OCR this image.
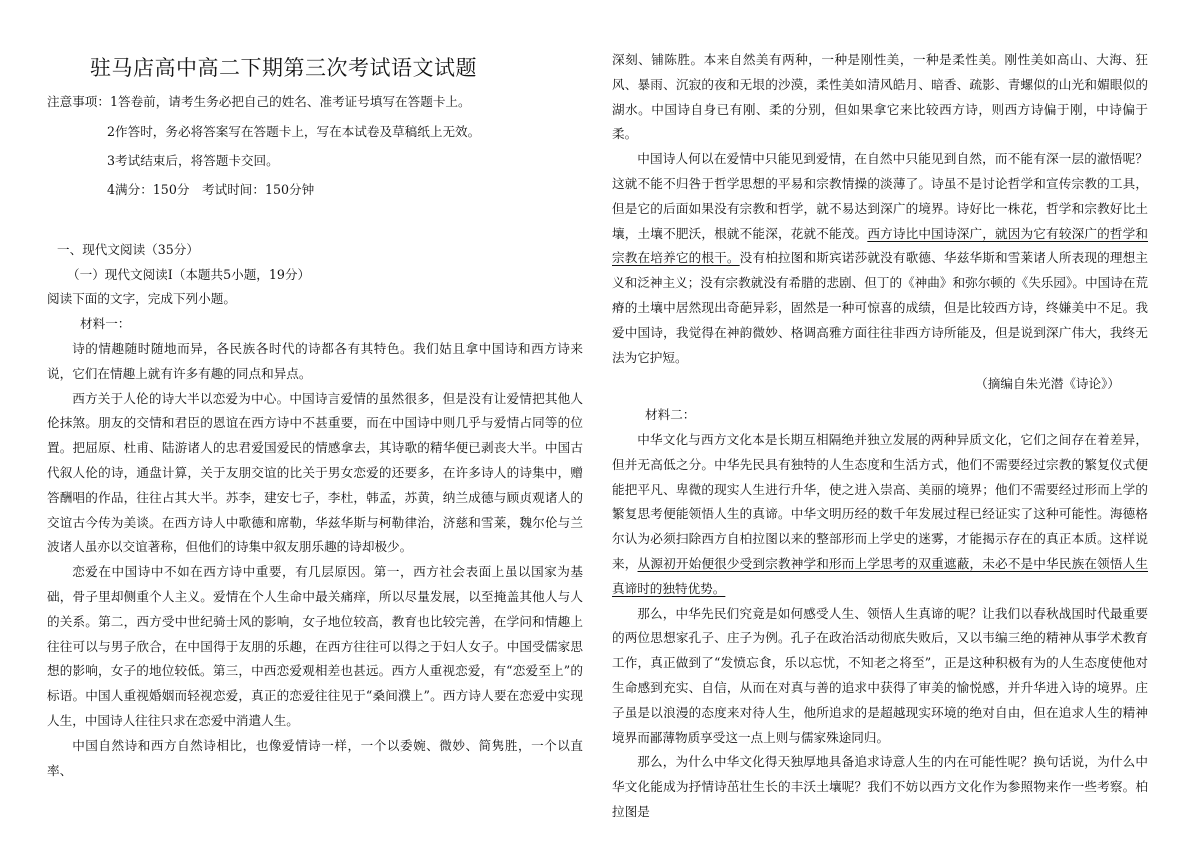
驻马店高中高二下期第三次考试语文试题

注意事项：1答卷前，请考生务必把自己的姓名、准考证号填写在答题卡上。

2作答时，务必将答案写在答题卡上，写在本试卷及草稿纸上无效。

3考试结束后，将答题卡交回。

4满分：150分　考试时间：150分钟

一、现代文阅读（35分）

（一）现代文阅读Ⅰ（本题共5小题，19分）

阅读下面的文字，完成下列小题。

材料一：

诗的情趣随时随地而异，各民族各时代的诗都各有其特色。我们姑且拿中国诗和西方诗来说，它们在情趣上就有许多有趣的同点和异点。

西方关于人伦的诗大半以恋爱为中心。中国诗言爱情的虽然很多，但是没有让爱情把其他人伦抹煞。朋友的交情和君臣的恩谊在西方诗中不甚重要，而在中国诗中则几乎与爱情占同等的位置。把屈原、杜甫、陆游诸人的忠君爱国爱民的情感拿去，其诗歌的精华便已剥丧大半。中国古代叙人伦的诗，通盘计算，关于友朋交谊的比关于男女恋爱的还要多，在许多诗人的诗集中，赠答酬唱的作品，往往占其大半。苏李，建安七子，李杜，韩孟，苏黄，纳兰成德与顾贞观诸人的交谊古今传为美谈。在西方诗人中歌德和席勒，华兹华斯与柯勒律治，济慈和雪莱，魏尔伦与兰波诸人虽亦以交谊著称，但他们的诗集中叙友朋乐趣的诗却极少。

恋爱在中国诗中不如在西方诗中重要，有几层原因。第一，西方社会表面上虽以国家为基础，骨子里却侧重个人主义。爱情在个人生命中最关痛痒，所以尽量发展，以至掩盖其他人与人的关系。第二，西方受中世纪骑士风的影响，女子地位较高，教育也比较完善，在学问和情趣上往往可以与男子欣合，在中国得于友朋的乐趣，在西方往往可以得之于妇人女子。中国受儒家思想的影响，女子的地位较低。第三，中西恋爱观相差也甚远。西方人重视恋爱，有“恋爱至上”的标语。中国人重视婚姻而轻视恋爱，真正的恋爱往往见于“桑间濮上”。西方诗人要在恋爱中实现人生，中国诗人往往只求在恋爱中消遣人生。

中国自然诗和西方自然诗相比，也像爱情诗一样，一个以委婉、微妙、简隽胜，一个以直率、

深刻、铺陈胜。本来自然美有两种，一种是刚性美，一种是柔性美。刚性美如高山、大海、狂风、暴雨、沉寂的夜和无垠的沙漠，柔性美如清风皓月、暗香、疏影、青螺似的山光和媚眼似的湖水。中国诗自身已有刚、柔的分别，但如果拿它来比较西方诗，则西方诗偏于刚，中诗偏于柔。

中国诗人何以在爱情中只能见到爱情，在自然中只能见到自然，而不能有深一层的澈悟呢？这就不能不归咎于哲学思想的平易和宗教情操的淡薄了。诗虽不是讨论哲学和宣传宗教的工具，但是它的后面如果没有宗教和哲学，就不易达到深广的境界。诗好比一株花，哲学和宗教好比土壤，土壤不肥沃，根就不能深，花就不能茂。西方诗比中国诗深广，就因为它有较深广的哲学和宗教在培养它的根干。没有柏拉图和斯宾诺莎就没有歌德、华兹华斯和雪莱诸人所表现的理想主义和泛神主义；没有宗教就没有希腊的悲剧、但丁的《神曲》和弥尔顿的《失乐园》。中国诗在荒瘠的土壤中居然现出奇葩异彩，固然是一种可惊喜的成绩，但是比较西方诗，终嫌美中不足。我爱中国诗，我觉得在神韵微妙、格调高雅方面往往非西方诗所能及，但是说到深广伟大，我终无法为它护短。

（摘编自朱光潜《诗论》）

材料二：

中华文化与西方文化本是长期互相隔绝并独立发展的两种异质文化，它们之间存在着差异，但并无高低之分。中华先民具有独特的人生态度和生活方式，他们不需要经过宗教的繁复仪式便能把平凡、卑微的现实人生进行升华，使之进入崇高、美丽的境界；他们不需要经过形而上学的繁复思考便能领悟人生的真谛。中华文明历经的数千年发展过程已经证实了这种可能性。海德格尔认为必须扫除西方自柏拉图以来的整部形而上学史的迷雾，才能揭示存在的真正本质。这样说来，从源初开始便很少受到宗教神学和形而上学思考的双重遮蔽，未必不是中华民族在领悟人生真谛时的独特优势。

那么，中华先民们究竟是如何感受人生、领悟人生真谛的呢？让我们以春秋战国时代最重要的两位思想家孔子、庄子为例。孔子在政治活动彻底失败后，又以韦编三绝的精神从事学术教育工作，真正做到了“发愤忘食，乐以忘忧，不知老之将至”，正是这种积极有为的人生态度使他对生命感到充实、自信，从而在对真与善的追求中获得了审美的愉悦感，并升华进入诗的境界。庄子虽是以浪漫的态度来对待人生，他所追求的是超越现实环境的绝对自由，但在追求人生的精神境界而鄙薄物质享受这一点上则与儒家殊途同归。

那么，为什么中华文化得天独厚地具备追求诗意人生的内在可能性呢？换句话说，为什么中华文化能成为抒情诗茁壮生长的丰沃土壤呢？我们不妨以西方文化作为参照物来作一些考察。柏拉图是
